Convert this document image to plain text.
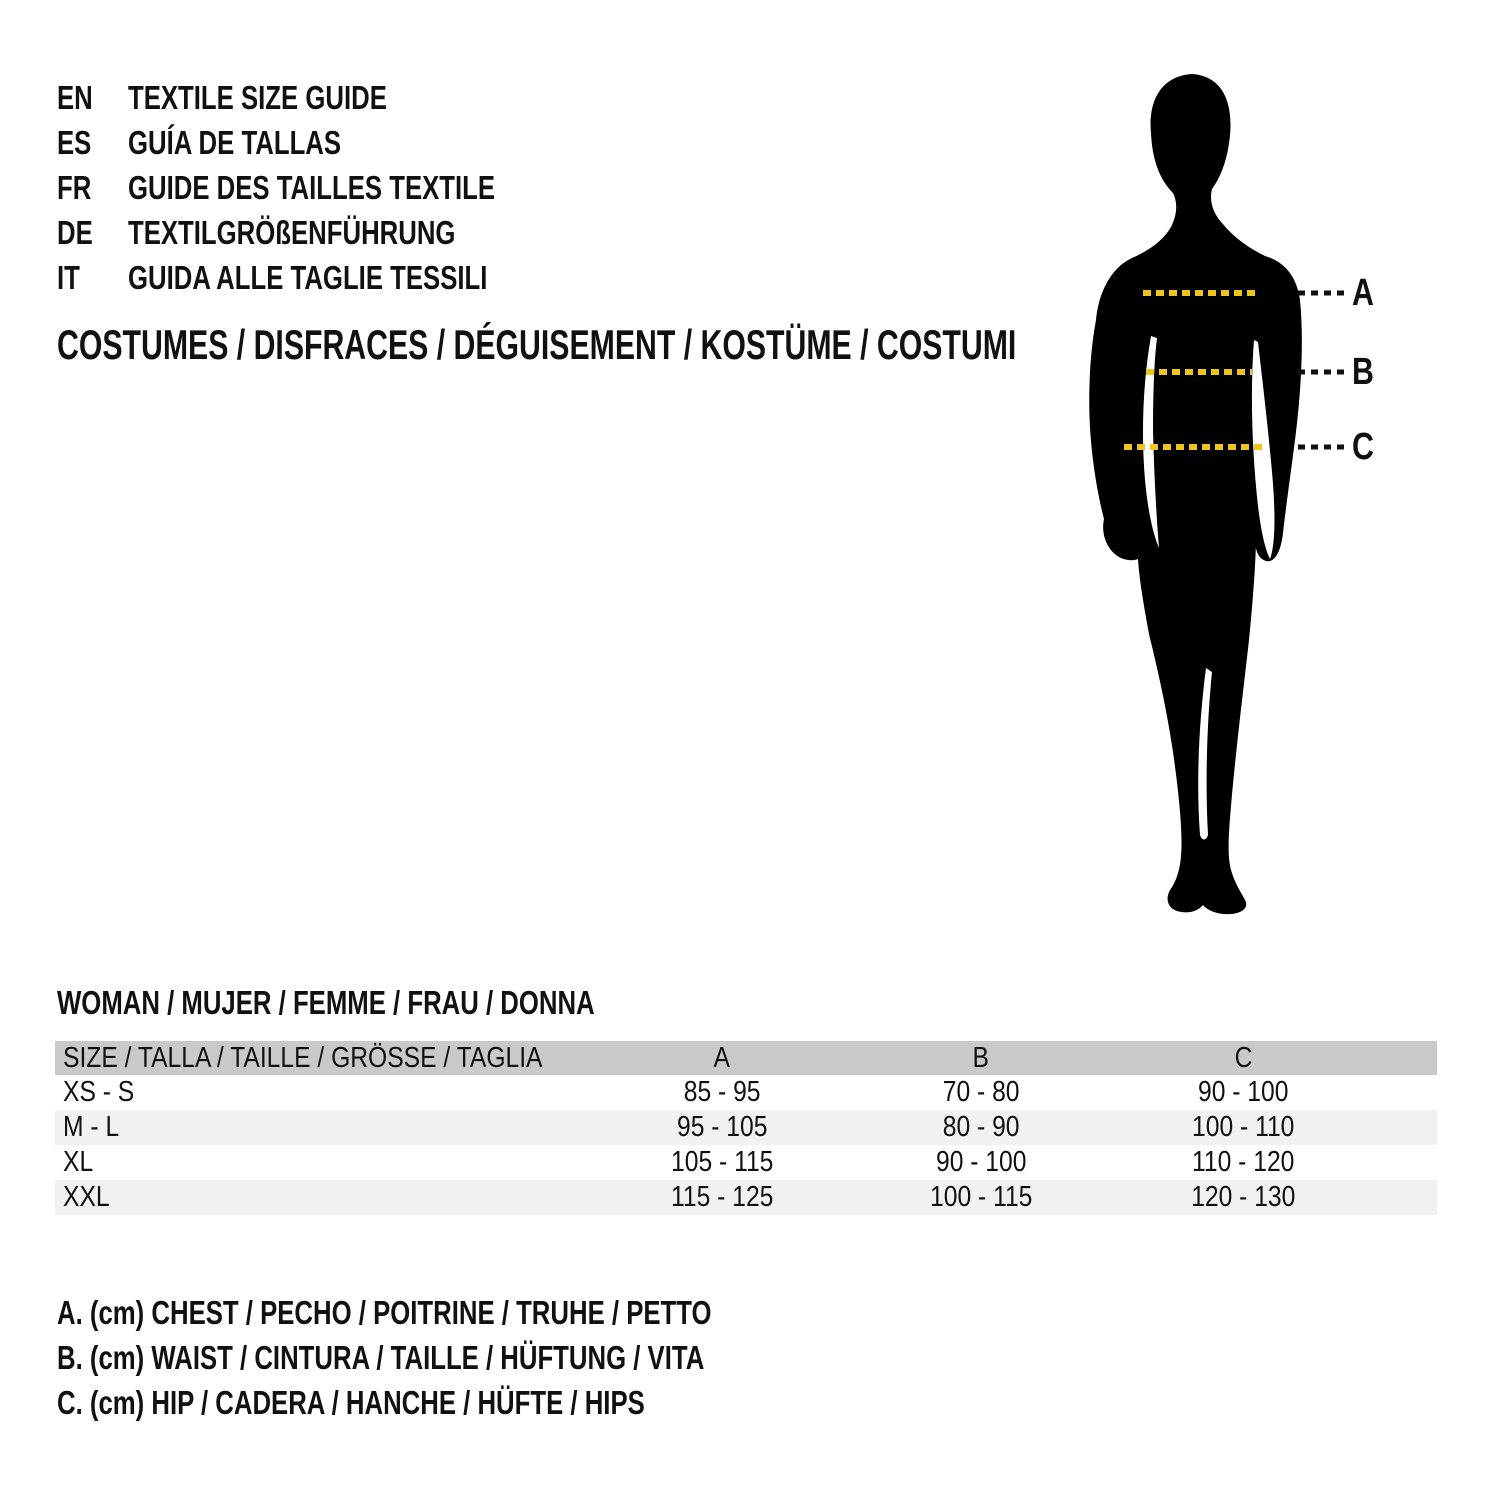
EN TEXTILE SIZE GUIDE
ES GUÍA DE TALLAS
FR GUIDE DES TAILLES TEXTILE
DE TEXTILGRÖßENFÜHRUNG
IT GUIDA ALLE TAGLIE TESSILI
COSTUMES / DISFRACES / DÉGUISEMENT / KOSTÜME / COSTUMI
A
B
C
WOMAN / MUJER / FEMME / FRAU / DONNA
SIZE / TALLA / TAILLE / GRÖSSE / TAGLIA	A	B	C
XS - S	85 - 95	70 - 80	90 - 100
M - L	95 - 105	80 - 90	100 - 110
XL	105 - 115	90 - 100	110 - 120
XXL	115 - 125	100 - 115	120 - 130
A. (cm) CHEST / PECHO / POITRINE / TRUHE / PETTO
B. (cm) WAIST / CINTURA / TAILLE / HÜFTUNG / VITA
C. (cm) HIP / CADERA / HANCHE / HÜFTE / HIPS
